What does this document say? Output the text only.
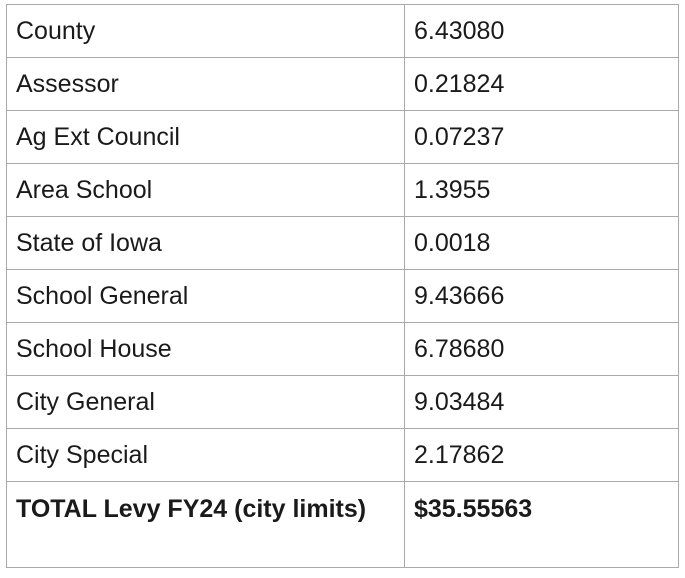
County	6.43080
Assessor	0.21824
Ag Ext Council	0.07237
Area School	1.3955
State of Iowa	0.0018
School General	9.43666
School House	6.78680
City General	9.03484
City Special	2.17862
TOTAL Levy FY24 (city limits)	$35.55563
